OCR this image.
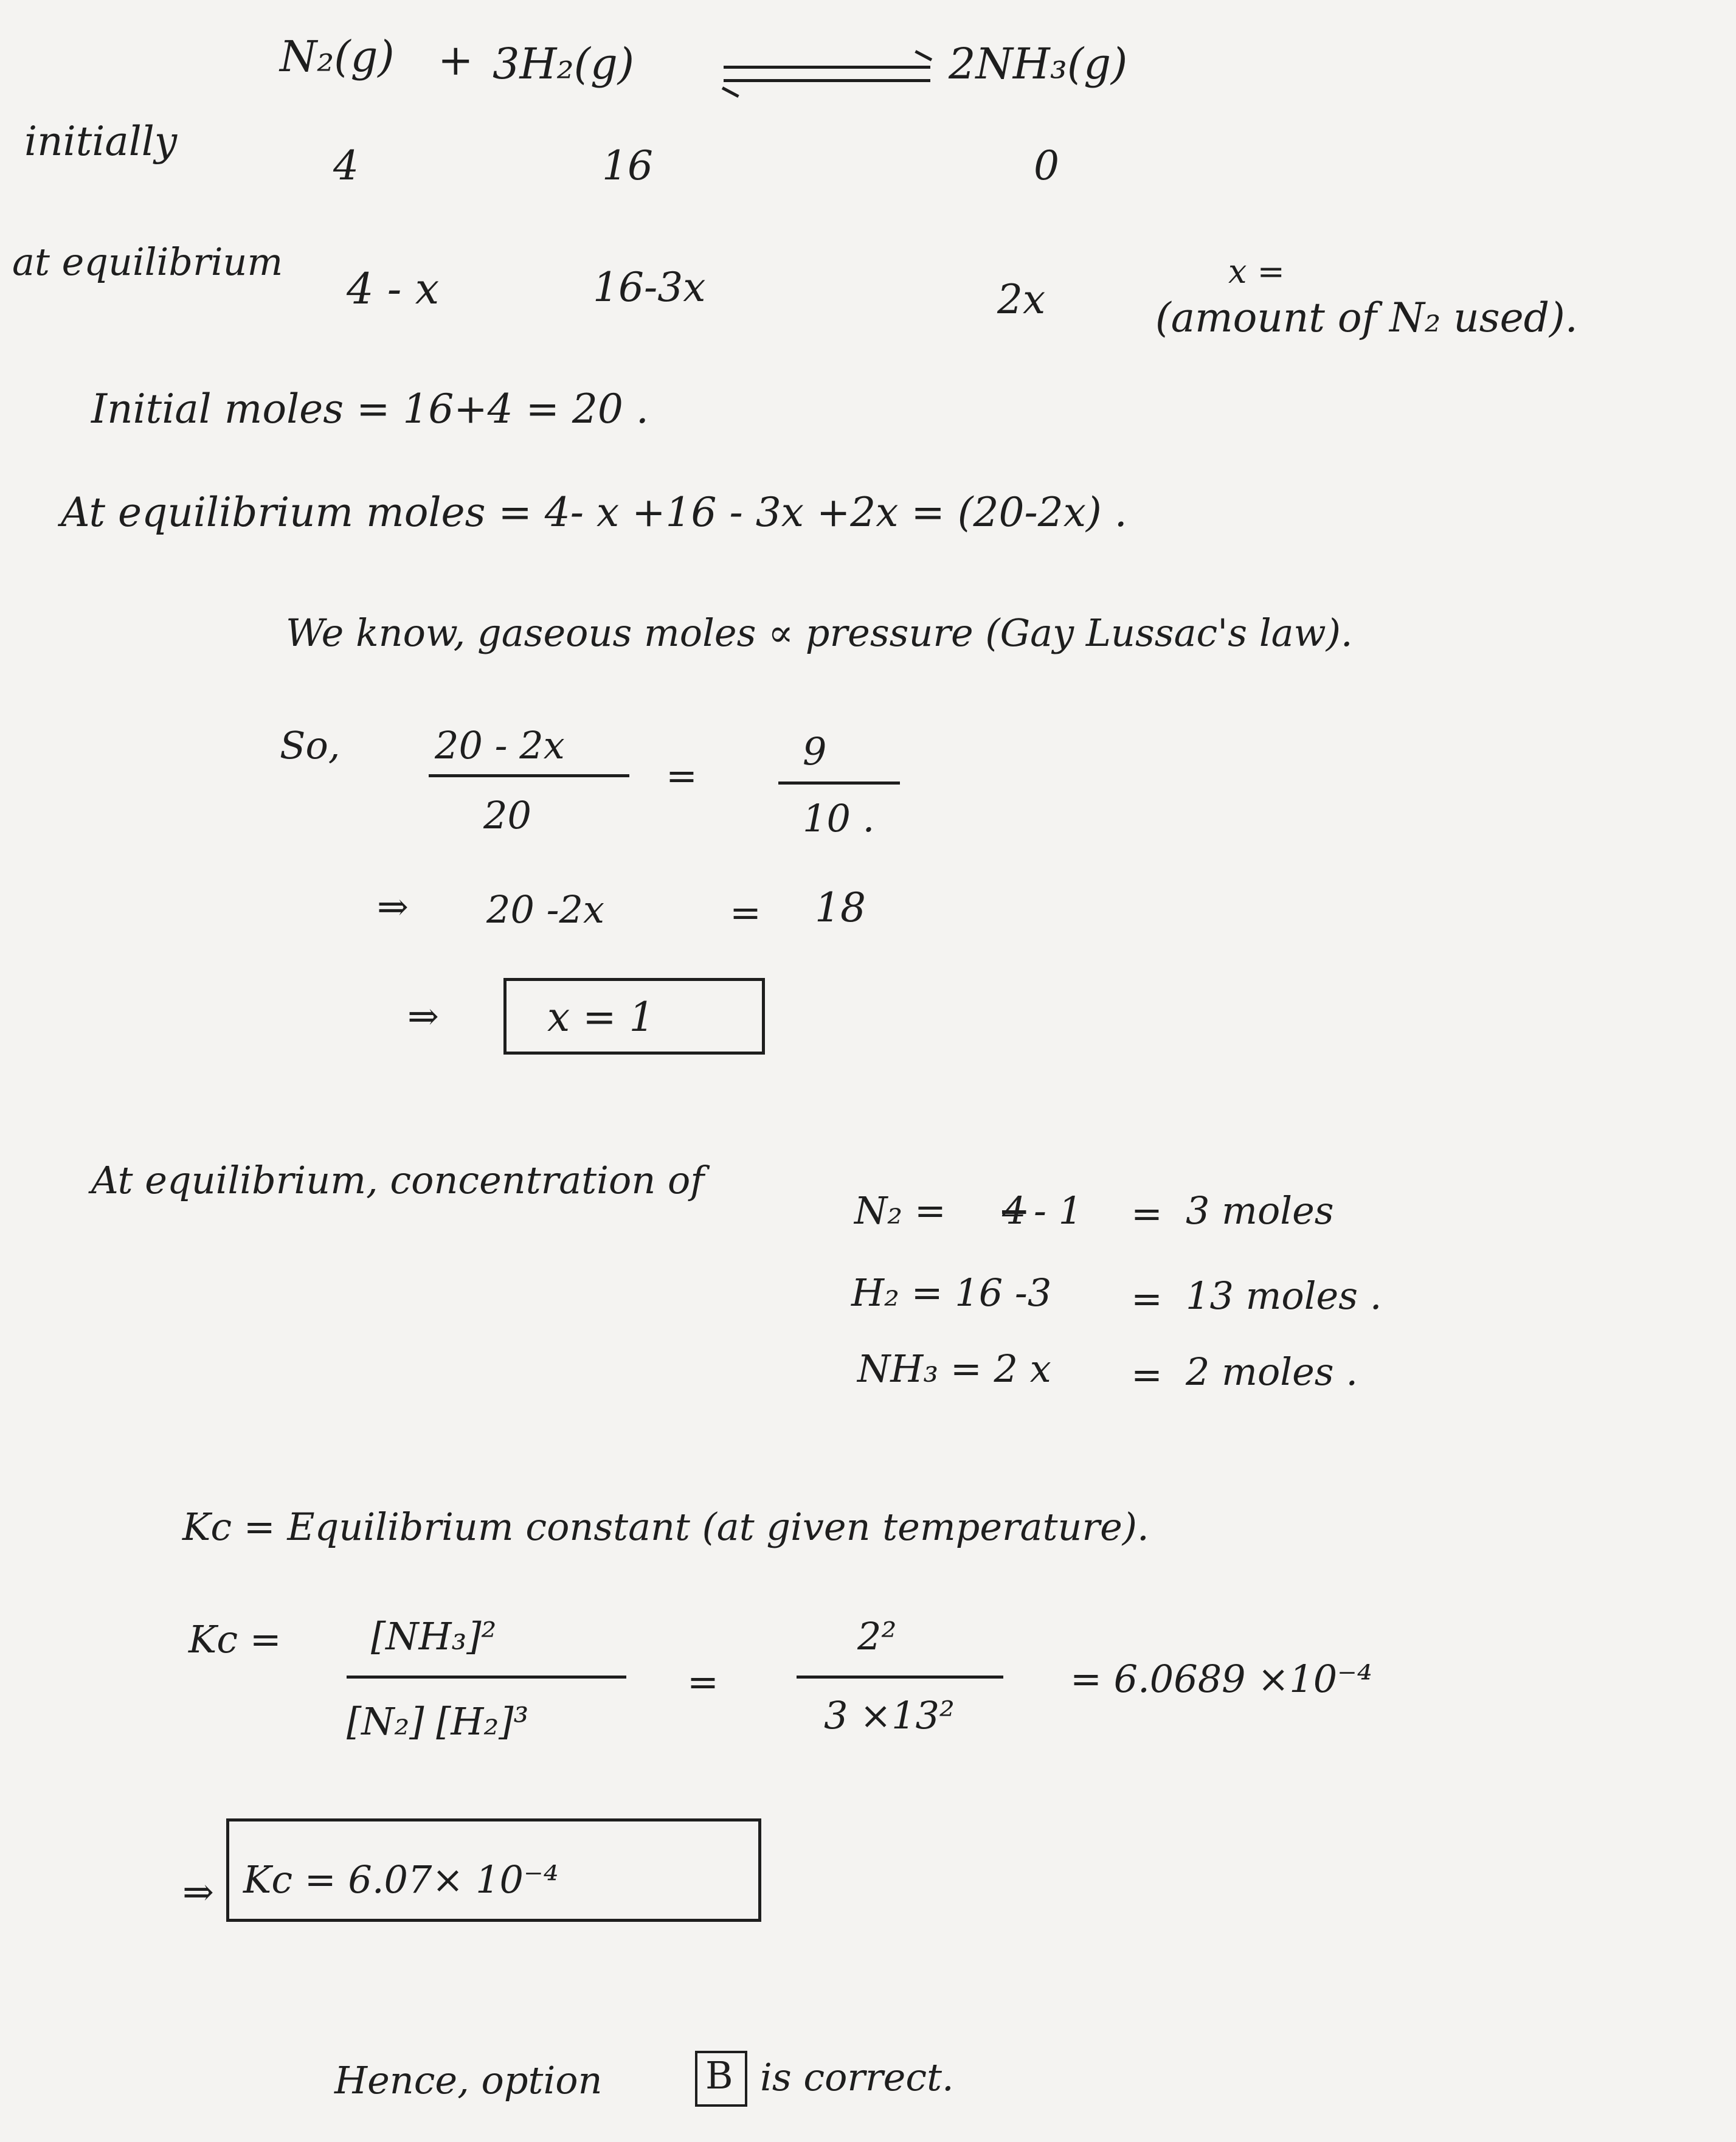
N₂(g) + 3H₂(g)	2NH₃(g)
initially
4	16	0
at equilibrium
4 - x	16-3x	2x
x =
(amount of N₂ used).
Initial moles = 16+4 = 20 .
At equilibrium moles = 4- x +16 - 3x +2x = (20-2x) .
We know, gaseous moles ∝ pressure (Gay Lussac's law).
So,	20 - 2x
20
=
9
10 .
⇒ 20 -2x	= 18
⇒	x = 1
At equilibrium, concentration of
N₂ = 4 - 1 = 3 moles
H₂ = 16 -3 = 13 moles .
NH₃ = 2 x = 2 moles .
Kc = Equilibrium constant (at given temperature).
Kc = [NH₃]²
[N₂] [H₂]³
=
2²
3 ×13²
= 6.0689 ×10⁻⁴
⇒ Kc = 6.07× 10⁻⁴
Hence, option	B is correct.
